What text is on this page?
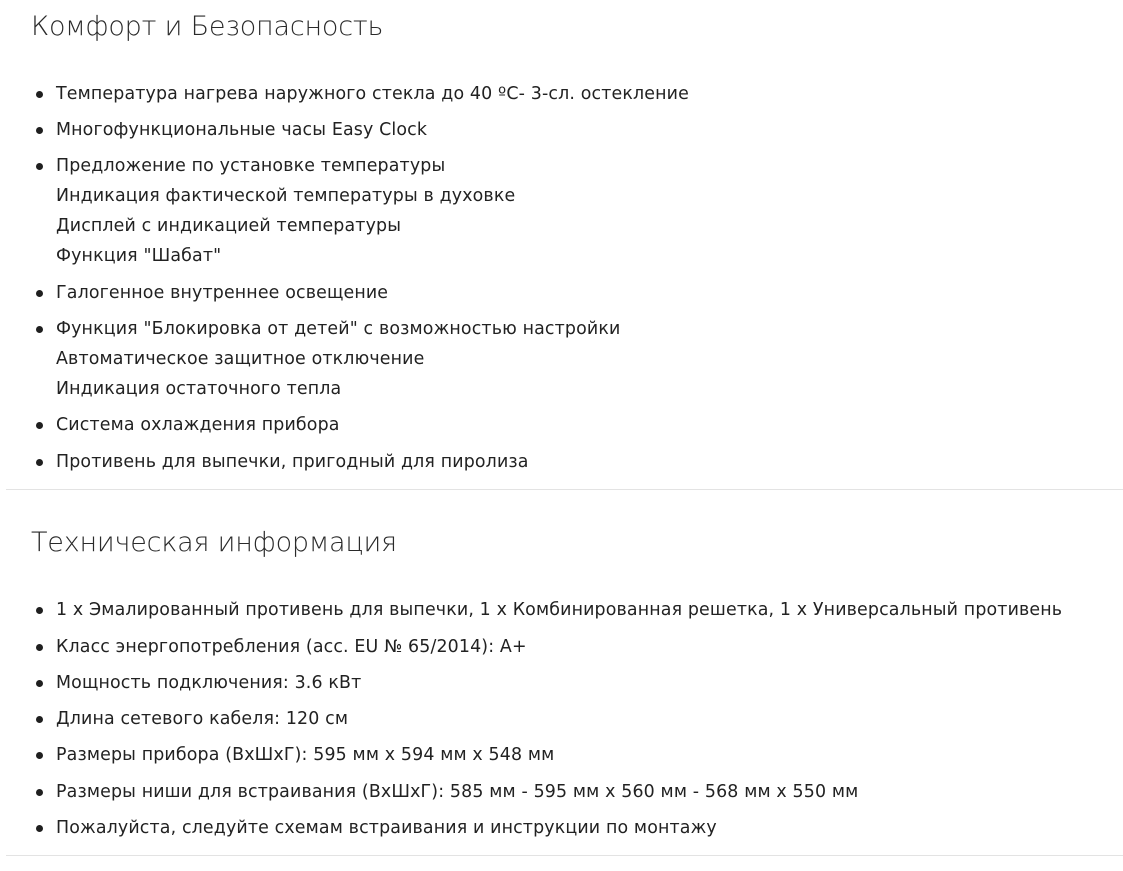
Комфорт и Безопасность
Температура нагрева наружного стекла до 40 ºC- 3-сл. остекление
Многофункциональные часы Easy Clock
Предложение по установке температуры
Индикация фактической температуры в духовке
Дисплей с индикацией температуры
Функция "Шабат"
Галогенное внутреннее освещение
Функция "Блокировка от детей" с возможностью настройки
Автоматическое защитное отключение
Индикация остаточного тепла
Система охлаждения прибора
Противень для выпечки, пригодный для пиролиза
Техническая информация
1 x Эмалированный противень для выпечки, 1 x Комбинированная решетка, 1 x Универсальный противень
Класс энергопотребления (acc. EU № 65/2014): A+
Мощность подключения: 3.6 кВт
Длина сетевого кабеля: 120 см
Размеры прибора (ВхШхГ): 595 мм x 594 мм x 548 мм
Размеры ниши для встраивания (ВхШхГ): 585 мм - 595 мм x 560 мм - 568 мм x 550 мм
Пожалуйста, следуйте схемам встраивания и инструкции по монтажу
